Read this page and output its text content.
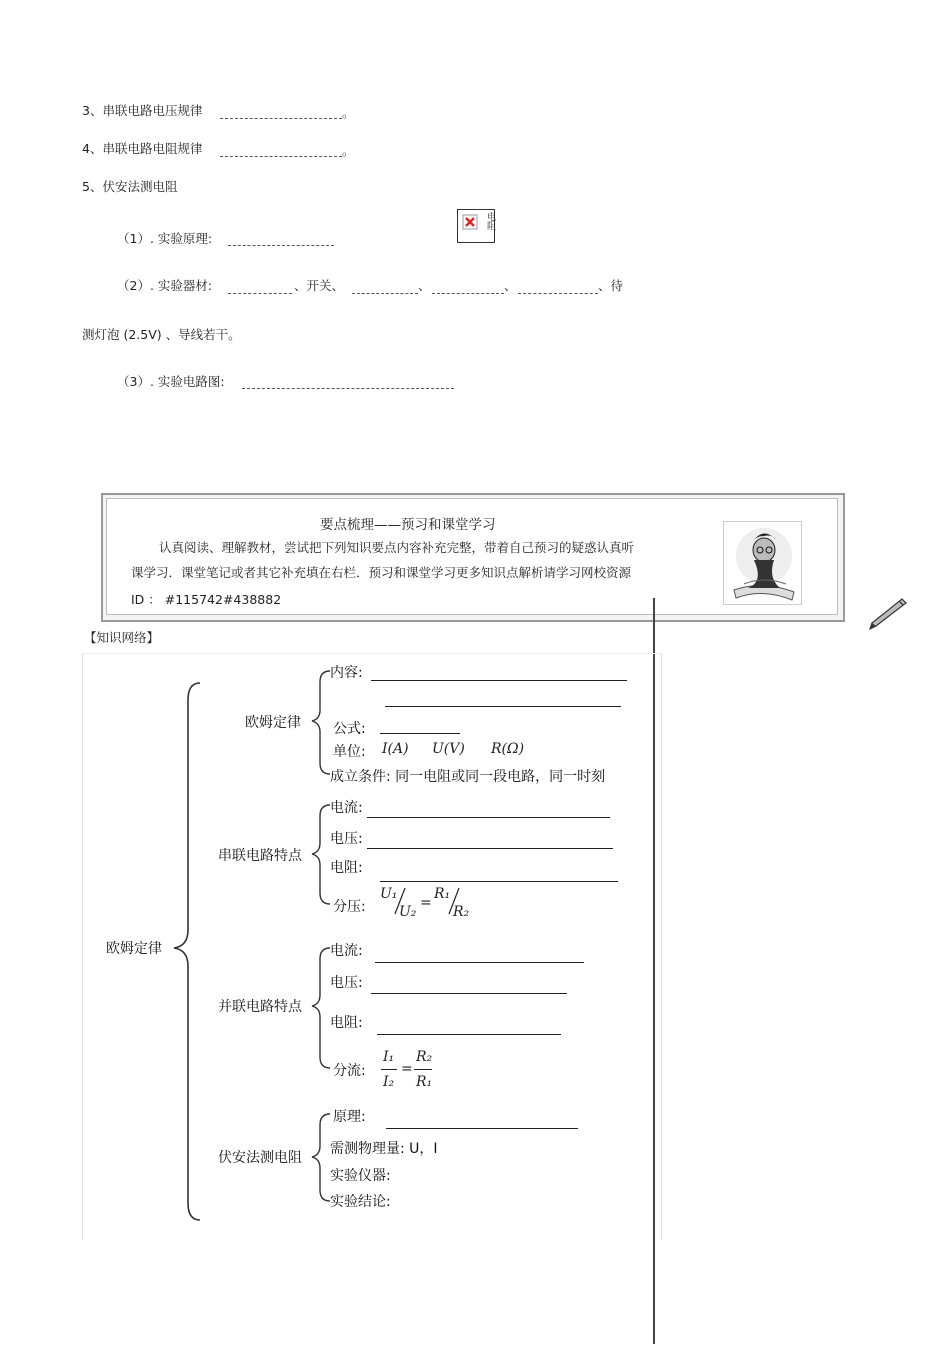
3、串联电路电压规律	。
4、串联电路电阻规律	。
5、伏安法测电阻
（1）. 实验原理:
电阻
（2）. 实验器材:	、开关、	、	、	、待
测灯泡 (2.5V) 、导线若干。
（3）. 实验电路图:
要点梳理——预习和课堂学习
认真阅读、理解教材，尝试把下列知识要点内容补充完整，带着自己预习的疑惑认真听
课学习．课堂笔记或者其它补充填在右栏．预习和课堂学习更多知识点解析请学习网校资源
ID ： #115742#438882
【知识网络】
欧姆定律
欧姆定律
内容:
公式:
单位: I(A) U(V) R(Ω)
成立条件: 同一电阻或同一段电路，同一时刻
串联电路特点
电流:
电压:
电阻:
分压:
U₁
U₂
=
R₁
R₂
并联电路特点
电流:
电压:
电阻:
分流:
I₁
I₂
=
R₂
R₁
伏安法测电阻
原理:
需测物理量: U，I
实验仪器:
实验结论:
